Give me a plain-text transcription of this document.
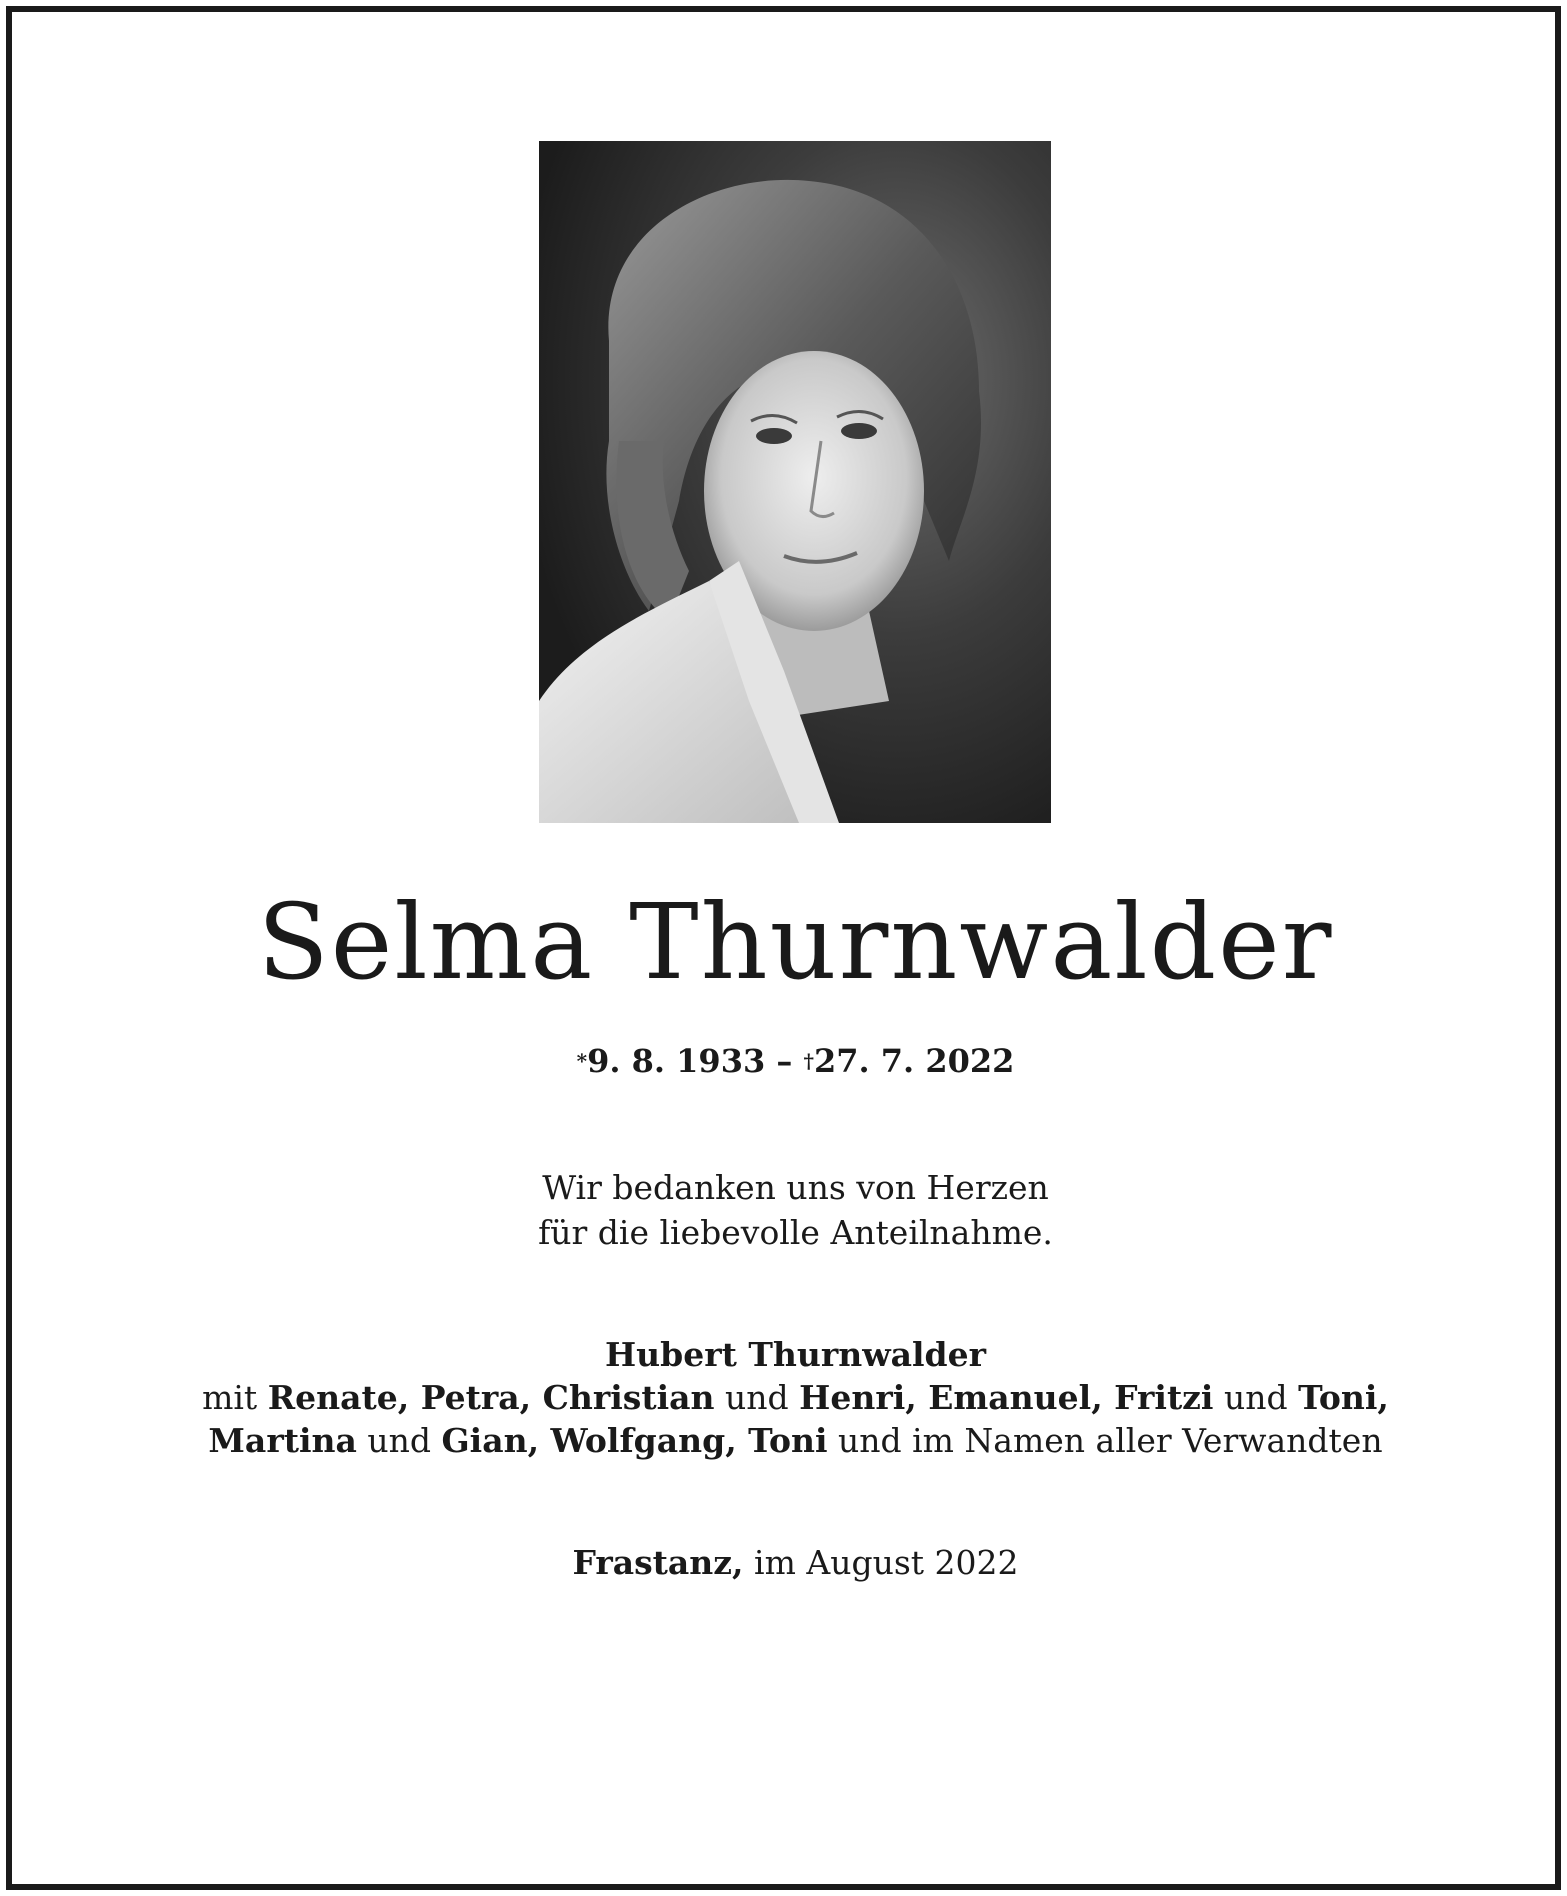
Selma Thurnwalder
*9. 8. 1933 – †27. 7. 2022
Wir bedanken uns von Herzen
für die liebevolle Anteilnahme.
Hubert Thurnwalder
mit Renate, Petra, Christian und Henri, Emanuel, Fritzi und Toni,
Martina und Gian, Wolfgang, Toni und im Namen aller Verwandten
Frastanz, im August 2022
